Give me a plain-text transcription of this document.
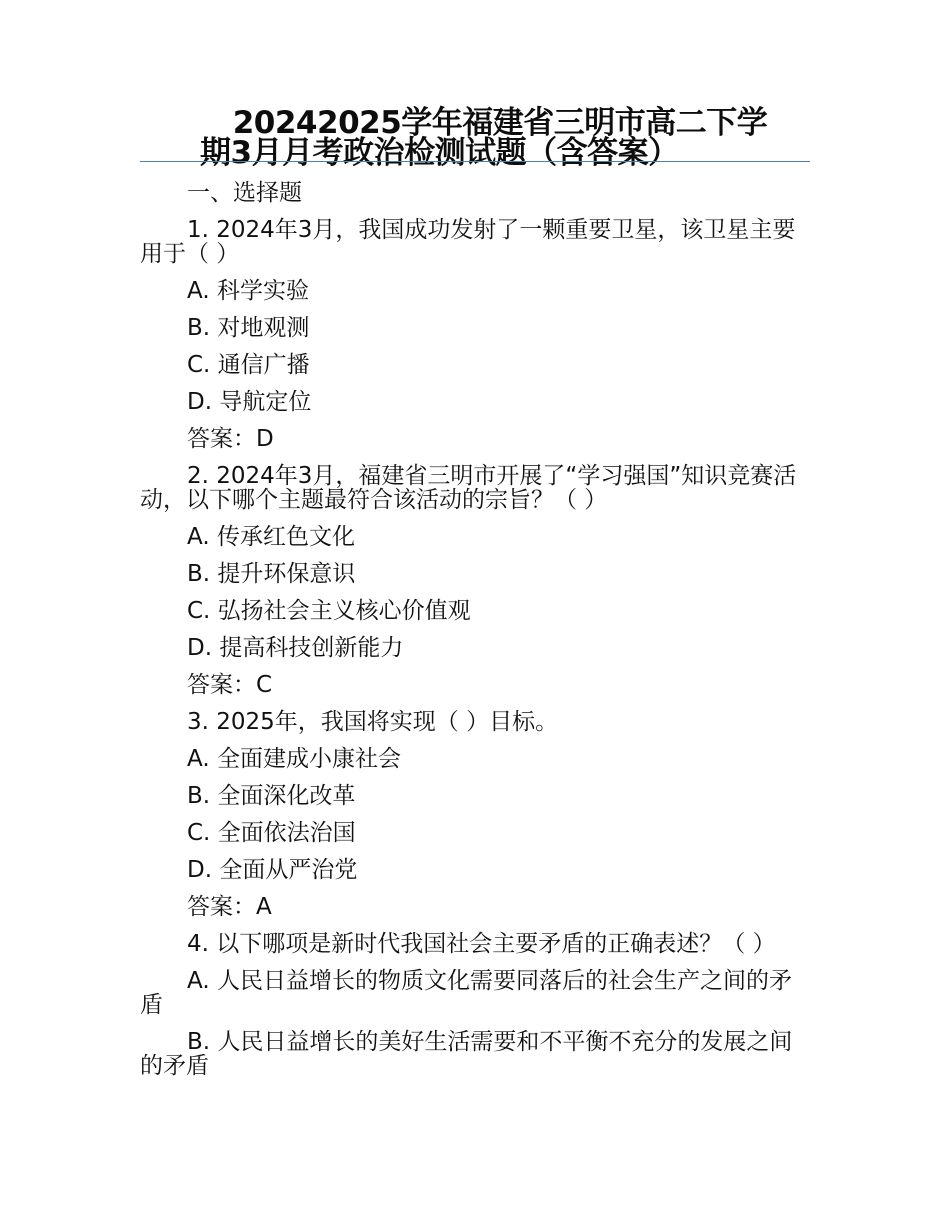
20242025学年福建省三明市高二下学
期3月月考政治检测试题（含答案）
一、选择题
1. 2024年3月，我国成功发射了一颗重要卫星，该卫星主要用于（ ）
A. 科学实验
B. 对地观测
C. 通信广播
D. 导航定位
答案：D
2. 2024年3月，福建省三明市开展了“学习强国”知识竞赛活动，以下哪个主题最符合该活动的宗旨？（ ）
A. 传承红色文化
B. 提升环保意识
C. 弘扬社会主义核心价值观
D. 提高科技创新能力
答案：C
3. 2025年，我国将实现（ ）目标。
A. 全面建成小康社会
B. 全面深化改革
C. 全面依法治国
D. 全面从严治党
答案：A
4. 以下哪项是新时代我国社会主要矛盾的正确表述？（ ）
A. 人民日益增长的物质文化需要同落后的社会生产之间的矛盾
B. 人民日益增长的美好生活需要和不平衡不充分的发展之间的矛盾
